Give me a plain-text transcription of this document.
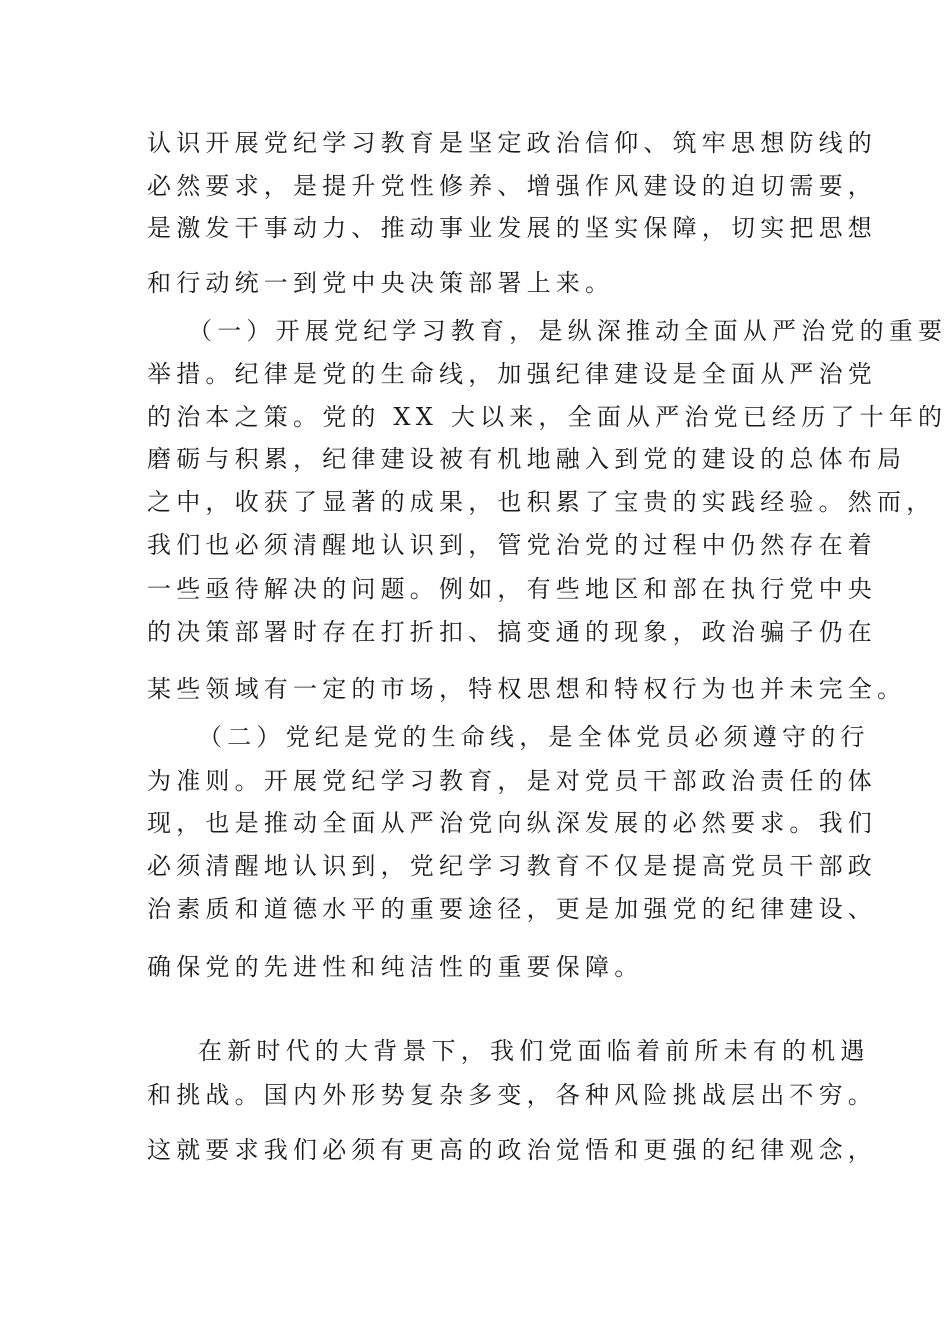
认识开展党纪学习教育是坚定政治信仰、筑牢思想防线的
必然要求，是提升党性修养、增强作风建设的迫切需要，
是激发干事动力、推动事业发展的坚实保障，切实把思想
和行动统一到党中央决策部署上来。
（一）开展党纪学习教育，是纵深推动全面从严治党的重要
举措。纪律是党的生命线，加强纪律建设是全面从严治党
的治本之策。党的 XX 大以来，全面从严治党已经历了十年的
磨砺与积累，纪律建设被有机地融入到党的建设的总体布局
之中，收获了显著的成果，也积累了宝贵的实践经验。然而，
我们也必须清醒地认识到，管党治党的过程中仍然存在着
一些亟待解决的问题。例如，有些地区和部在执行党中央
的决策部署时存在打折扣、搞变通的现象，政治骗子仍在
某些领域有一定的市场，特权思想和特权行为也并未完全。
（二）党纪是党的生命线，是全体党员必须遵守的行
为准则。开展党纪学习教育，是对党员干部政治责任的体
现，也是推动全面从严治党向纵深发展的必然要求。我们
必须清醒地认识到，党纪学习教育不仅是提高党员干部政
治素质和道德水平的重要途径，更是加强党的纪律建设、
确保党的先进性和纯洁性的重要保障。
在新时代的大背景下，我们党面临着前所未有的机遇
和挑战。国内外形势复杂多变，各种风险挑战层出不穷。
这就要求我们必须有更高的政治觉悟和更强的纪律观念，
